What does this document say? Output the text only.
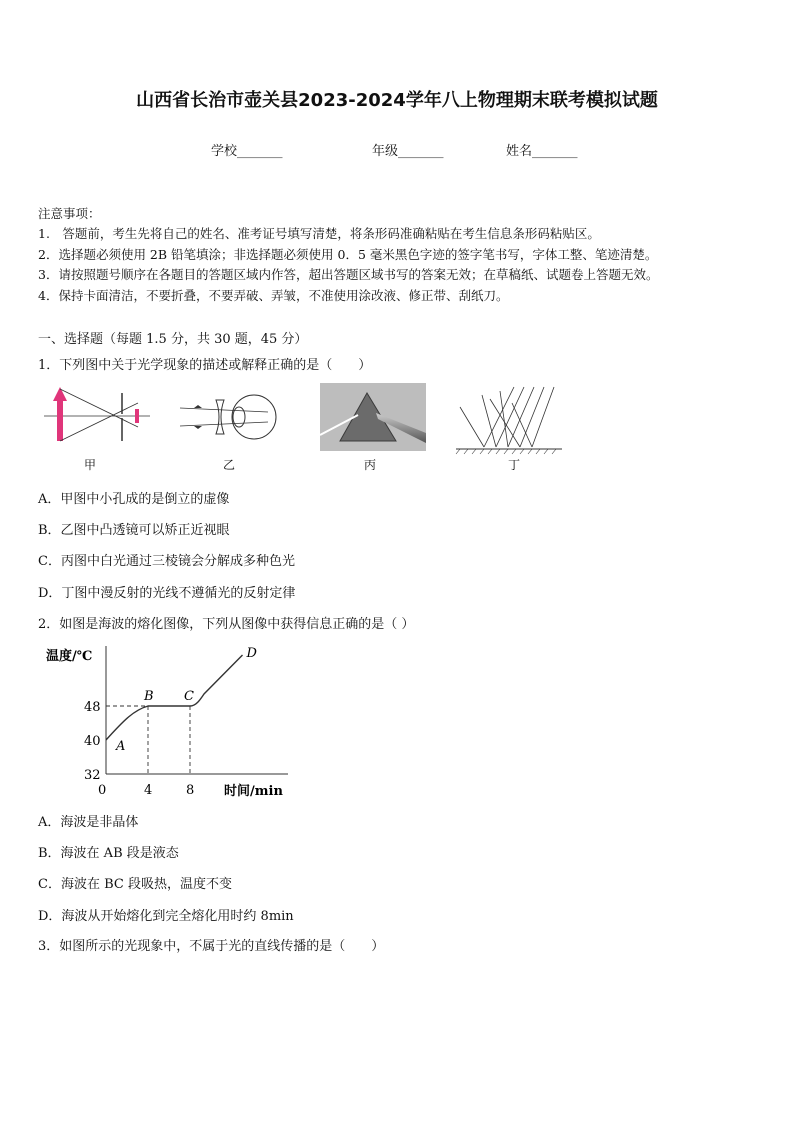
山西省长治市壶关县2023-2024学年八上物理期末联考模拟试题
学校_______	年级_______	姓名_______
注意事项：
1.　答题前，考生先将自己的姓名、准考证号填写清楚，将条形码准确粘贴在考生信息条形码粘贴区。
2．选择题必须使用 2B 铅笔填涂；非选择题必须使用 0．5 毫米黑色字迹的签字笔书写，字体工整、笔迹清楚。
3．请按照题号顺序在各题目的答题区域内作答，超出答题区域书写的答案无效；在草稿纸、试题卷上答题无效。
4．保持卡面清洁，不要折叠，不要弄破、弄皱，不准使用涂改液、修正带、刮纸刀。
一、选择题（每题 1.5 分，共 30 题，45 分）
1．下列图中关于光学现象的描述或解释正确的是（　　）
甲	乙	丙	丁
A．甲图中小孔成的是倒立的虚像
B．乙图中凸透镜可以矫正近视眼
C．丙图中白光通过三棱镜会分解成多种色光
D．丁图中漫反射的光线不遵循光的反射定律
2．如图是海波的熔化图像，下列从图像中获得信息正确的是（ ）
温度/℃
时间/min
32
40
48
0	4	8
A
B C
D
A．海波是非晶体
B．海波在 AB 段是液态
C．海波在 BC 段吸热，温度不变
D．海波从开始熔化到完全熔化用时约 8min
3．如图所示的光现象中，不属于光的直线传播的是（　　）
